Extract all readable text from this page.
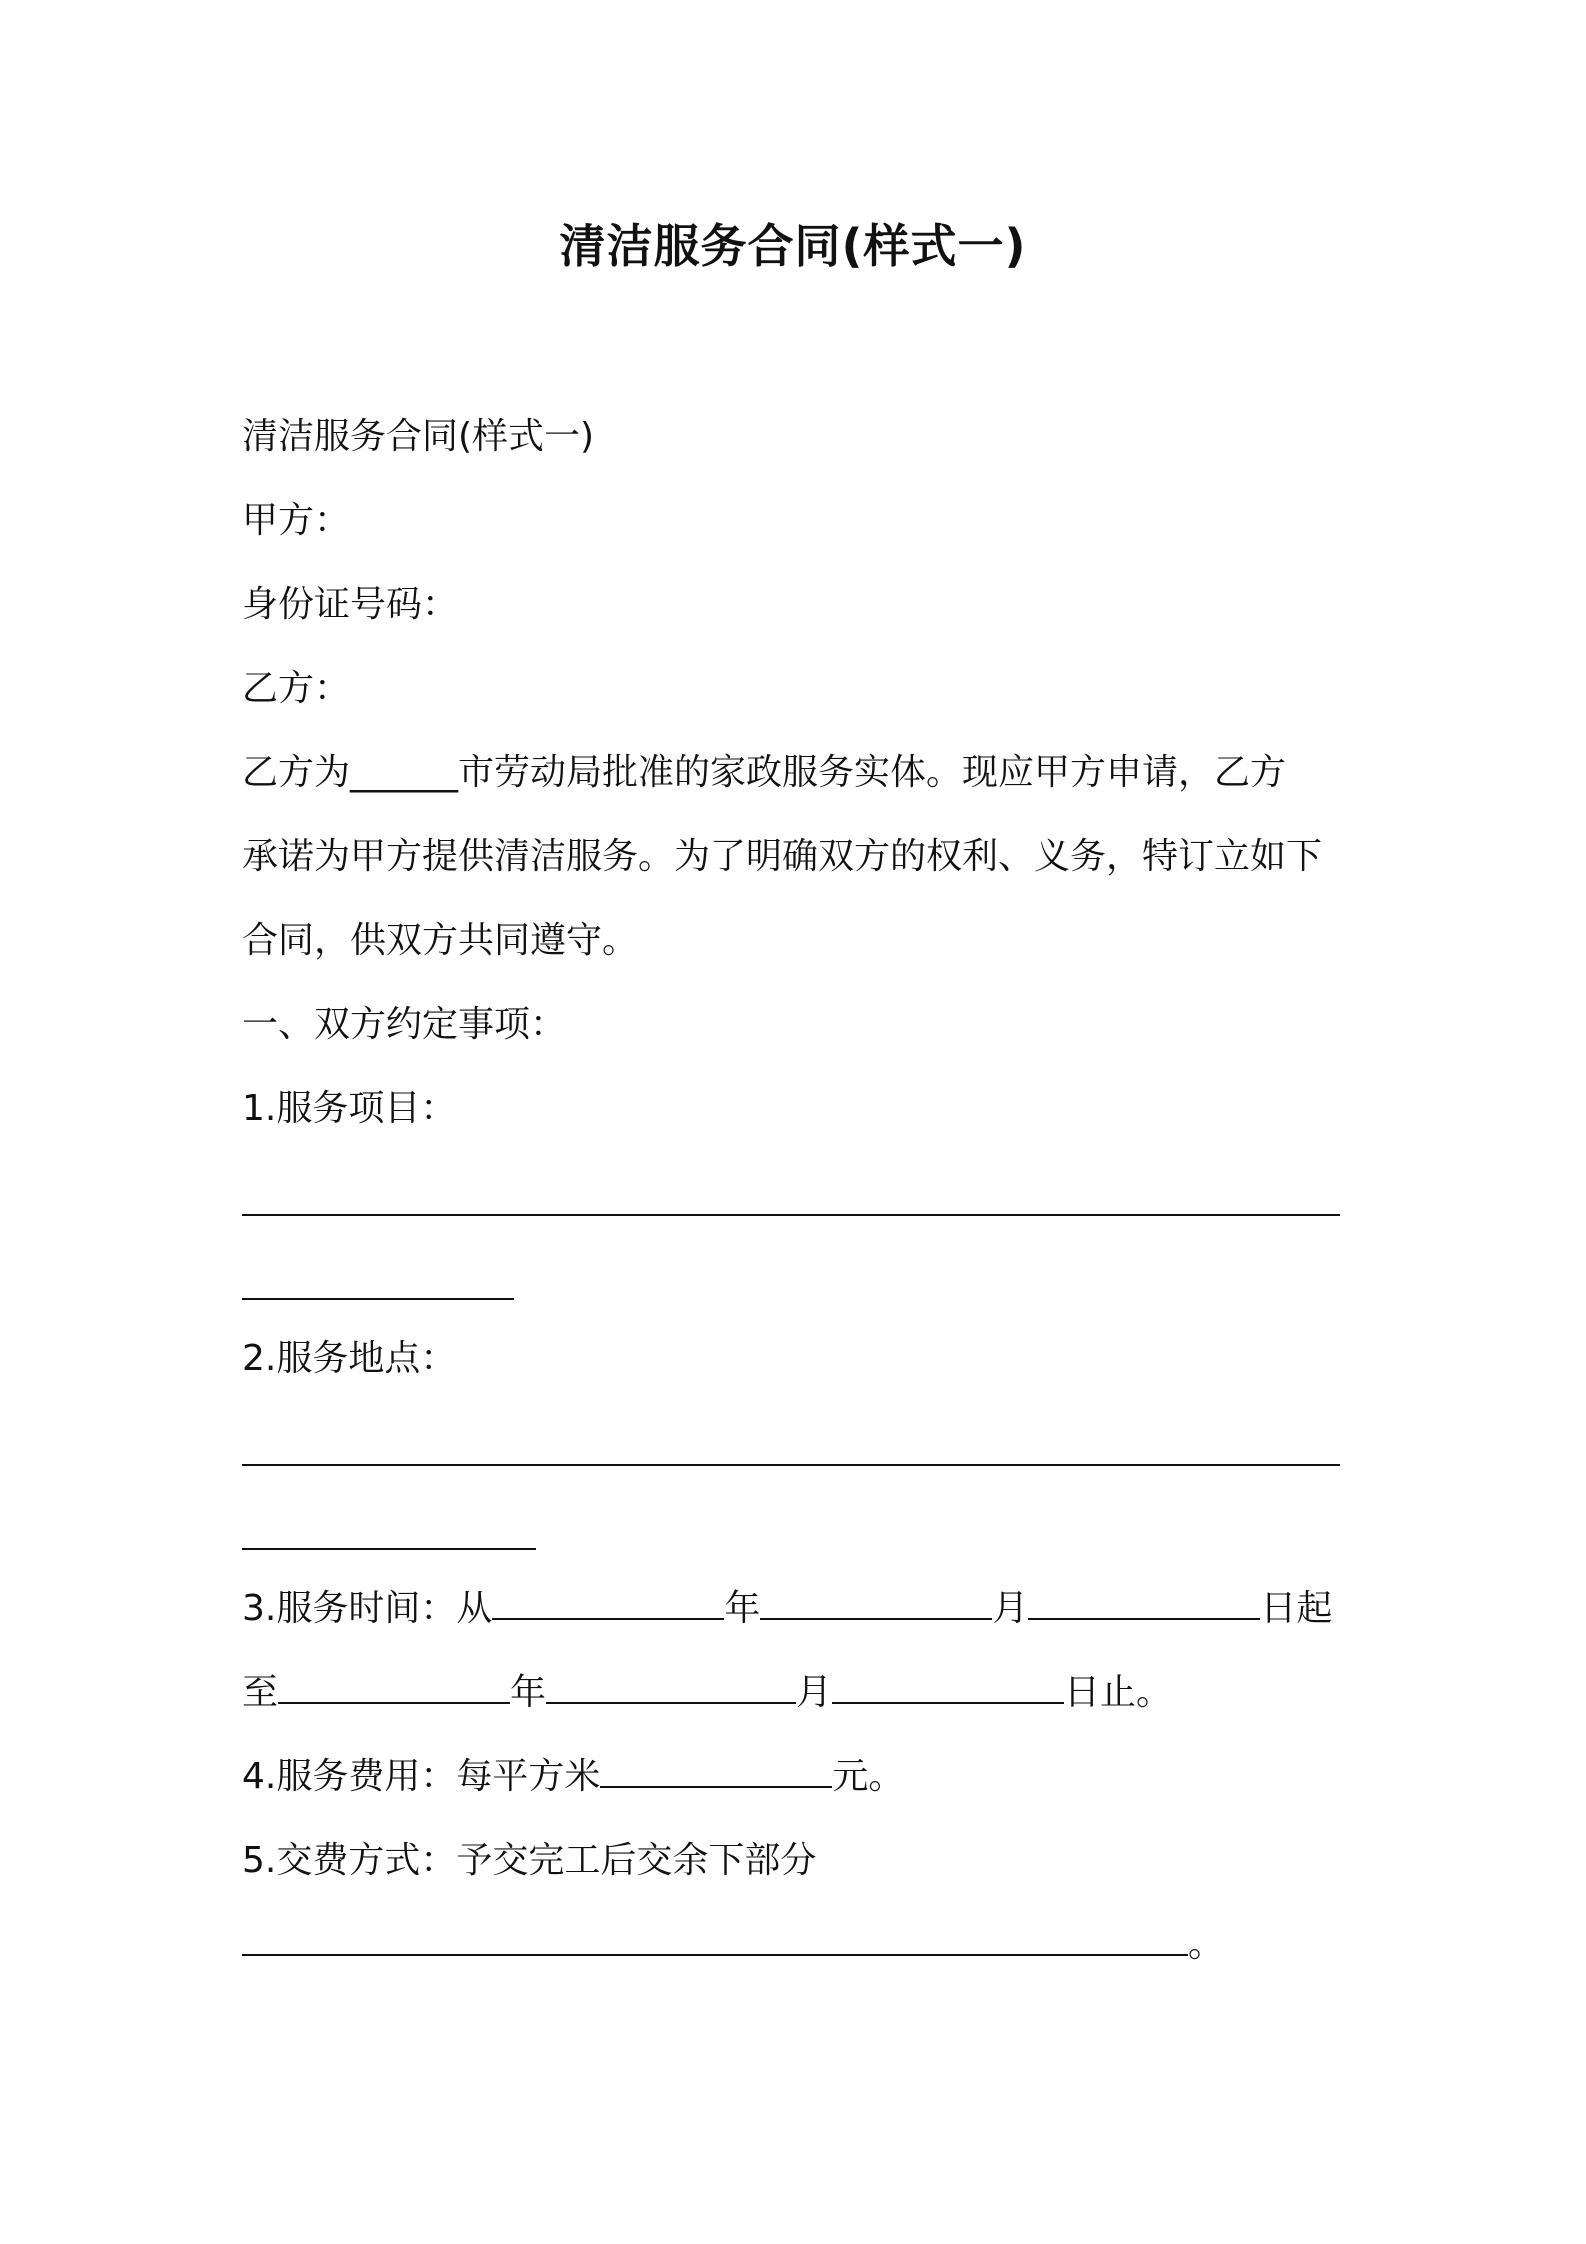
清洁服务合同(样式一)

清洁服务合同(样式一)

甲方：

身份证号码：

乙方：

乙方为______市劳动局批准的家政服务实体。现应甲方申请，乙方

承诺为甲方提供清洁服务。为了明确双方的权利、义务，特订立如下

合同，供双方共同遵守。

一、双方约定事项：

1.服务项目：

2.服务地点：

3.服务时间：从	年	月	日起

至	年	月	日止。

4.服务费用：每平方米	元。

5.交费方式：予交完工后交余下部分

。
